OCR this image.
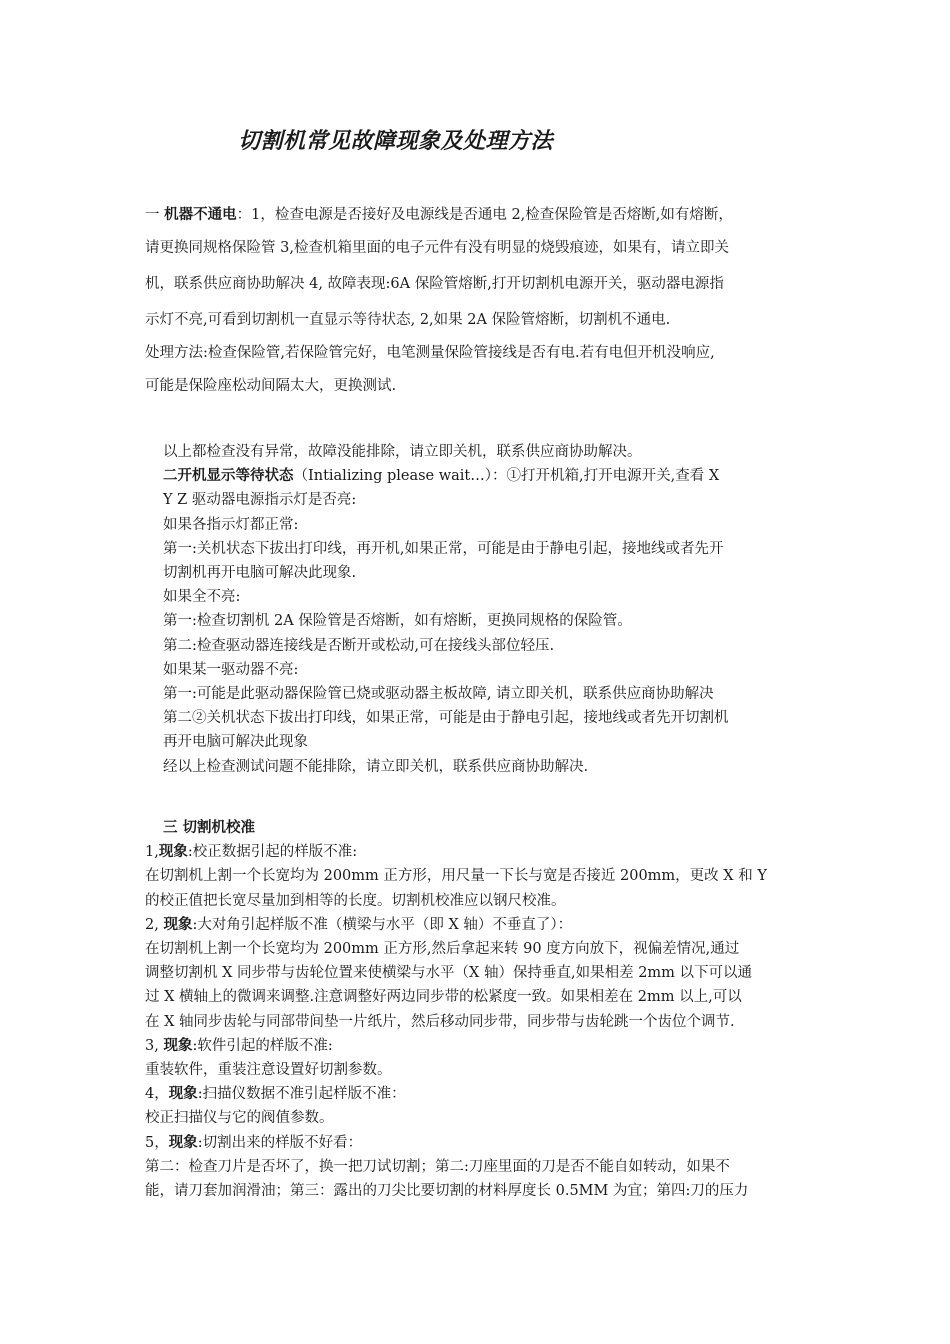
切割机常见故障现象及处理方法
一 机器不通电：1，检查电源是否接好及电源线是否通电 2,检查保险管是否熔断,如有熔断，
请更换同规格保险管 3,检查机箱里面的电子元件有没有明显的烧毁痕迹，如果有，请立即关
机，联系供应商协助解决 4, 故障表现:6A 保险管熔断,打开切割机电源开关，驱动器电源指
示灯不亮,可看到切割机一直显示等待状态, 2,如果 2A 保险管熔断，切割机不通电.
处理方法:检查保险管,若保险管完好，电笔测量保险管接线是否有电.若有电但开机没响应,
可能是保险座松动间隔太大，更换测试.
以上都检查没有异常，故障没能排除，请立即关机，联系供应商协助解决。
二开机显示等待状态（Intializing please wait…）：①打开机箱,打开电源开关,查看 X
Y Z 驱动器电源指示灯是否亮:
如果各指示灯都正常:
第一:关机状态下拔出打印线，再开机,如果正常，可能是由于静电引起，接地线或者先开
切割机再开电脑可解决此现象.
如果全不亮:
第一:检查切割机 2A 保险管是否熔断，如有熔断，更换同规格的保险管。
第二:检查驱动器连接线是否断开或松动,可在接线头部位轻压.
如果某一驱动器不亮:
第一:可能是此驱动器保险管已烧或驱动器主板故障, 请立即关机，联系供应商协助解决
第二②关机状态下拔出打印线，如果正常，可能是由于静电引起，接地线或者先开切割机
再开电脑可解决此现象
经以上检查测试问题不能排除，请立即关机，联系供应商协助解决.
三 切割机校准
1,现象:校正数据引起的样版不准:
在切割机上割一个长宽均为 200mm 正方形，用尺量一下长与宽是否接近 200mm，更改 X 和 Y
的校正值把长宽尽量加到相等的长度。切割机校准应以钢尺校准。
2, 现象:大对角引起样版不准（横梁与水平（即 X 轴）不垂直了）：
在切割机上割一个长宽均为 200mm 正方形,然后拿起来转 90 度方向放下，视偏差情况,通过
调整切割机 X 同步带与齿轮位置来使横梁与水平（X 轴）保持垂直,如果相差 2mm 以下可以通
过 X 横轴上的微调来调整.注意调整好两边同步带的松紧度一致。如果相差在 2mm 以上,可以
在 X 轴同步齿轮与同部带间垫一片纸片，然后移动同步带，同步带与齿轮跳一个齿位个调节.
3, 现象:软件引起的样版不准:
重装软件，重装注意设置好切割参数。
4，现象:扫描仪数据不准引起样版不准：
校正扫描仪与它的阀值参数。
5，现象:切割出来的样版不好看：
第二：检查刀片是否坏了，换一把刀试切割；第二:刀座里面的刀是否不能自如转动，如果不
能，请刀套加润滑油；第三：露出的刀尖比要切割的材料厚度长 0.5MM 为宜；第四:刀的压力
